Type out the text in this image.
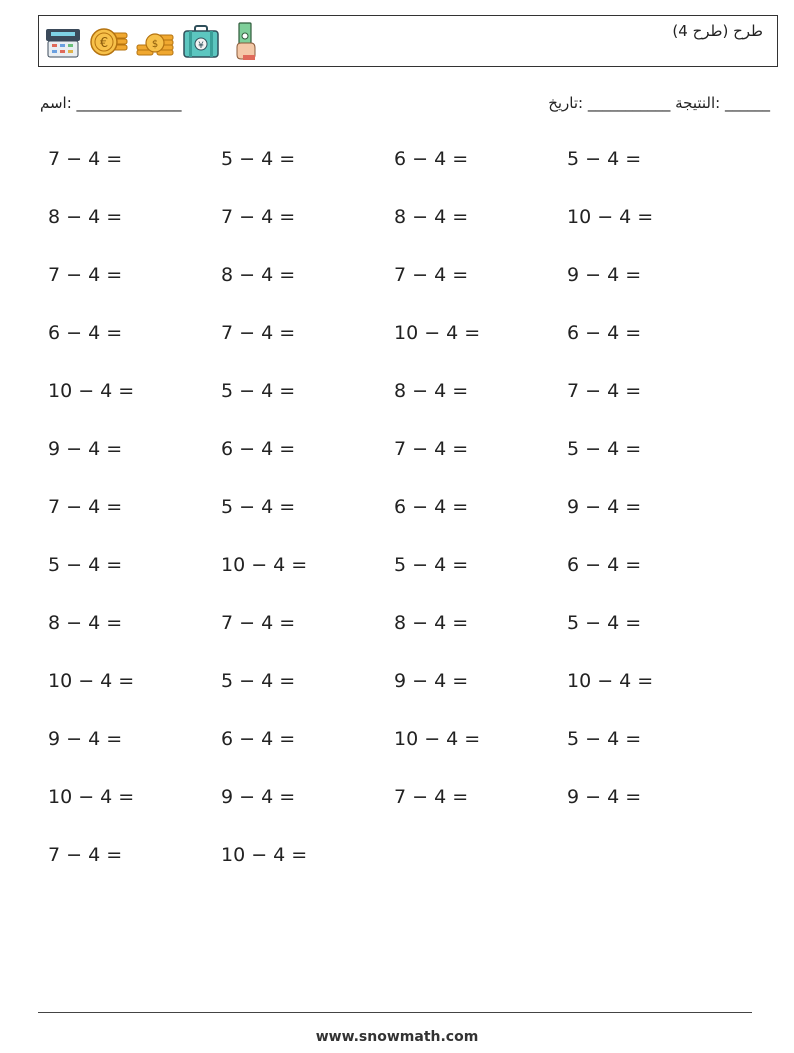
€	$	¥
طرح (طرح 4)
اسم: ______________	النتيجة ___________ :تاريخ: ______
7 − 4 =	5 − 4 =	6 − 4 =	5 − 4 =
8 − 4 =	7 − 4 =	8 − 4 =	10 − 4 =
7 − 4 =	8 − 4 =	7 − 4 =	9 − 4 =
6 − 4 =	7 − 4 =	10 − 4 =	6 − 4 =
10 − 4 =	5 − 4 =	8 − 4 =	7 − 4 =
9 − 4 =	6 − 4 =	7 − 4 =	5 − 4 =
7 − 4 =	5 − 4 =	6 − 4 =	9 − 4 =
5 − 4 =	10 − 4 =	5 − 4 =	6 − 4 =
8 − 4 =	7 − 4 =	8 − 4 =	5 − 4 =
10 − 4 =	5 − 4 =	9 − 4 =	10 − 4 =
9 − 4 =	6 − 4 =	10 − 4 =	5 − 4 =
10 − 4 =	9 − 4 =	7 − 4 =	9 − 4 =
7 − 4 =	10 − 4 =
www.snowmath.com
